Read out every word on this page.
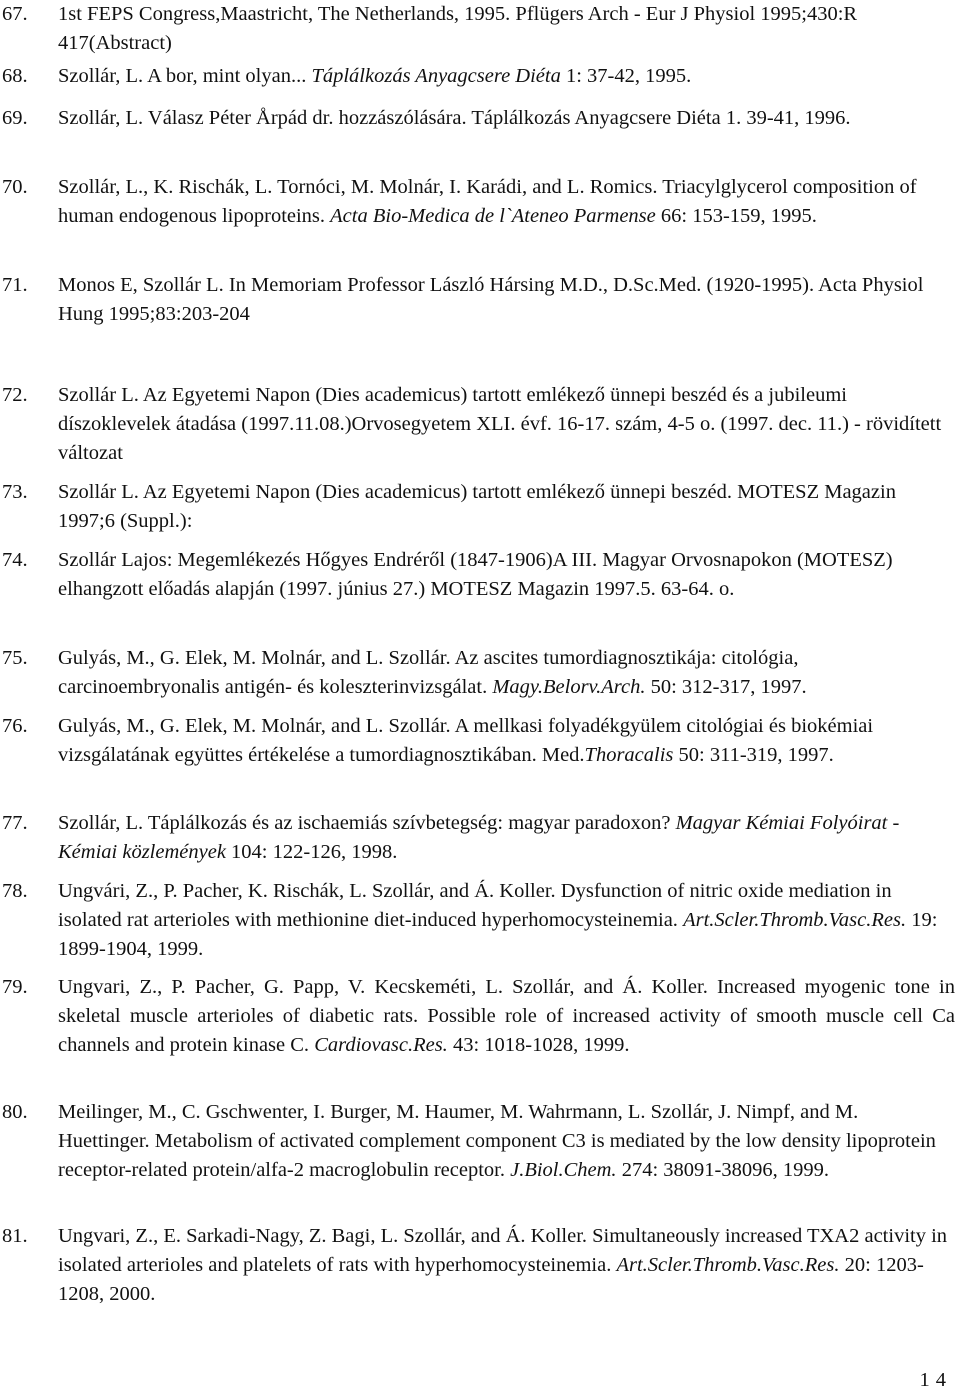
67. 1st FEPS Congress,Maastricht, The Netherlands, 1995. Pflügers Arch - Eur J Physiol 1995;430:R 417(Abstract)
68. Szollár, L. A bor, mint olyan... Táplálkozás Anyagcsere Diéta 1: 37-42, 1995.
69. Szollár, L. Válasz Péter Årpád dr. hozzászólására. Táplálkozás Anyagcsere Diéta 1. 39-41, 1996.
70. Szollár, L., K. Rischák, L. Tornóci, M. Molnár, I. Karádi, and L. Romics. Triacylglycerol composition of human endogenous lipoproteins. Acta Bio-Medica de l`Ateneo Parmense 66: 153-159, 1995.
71. Monos E, Szollár L. In Memoriam Professor László Hársing M.D., D.Sc.Med. (1920-1995). Acta Physiol Hung 1995;83:203-204
72. Szollár L. Az Egyetemi Napon (Dies academicus) tartott emlékező ünnepi beszéd és a jubileumi díszoklevelek átadása (1997.11.08.)Orvosegyetem XLI. évf. 16-17. szám, 4-5 o. (1997. dec. 11.) - rövidített változat
73. Szollár L. Az Egyetemi Napon (Dies academicus) tartott emlékező ünnepi beszéd. MOTESZ Magazin 1997;6 (Suppl.):
74. Szollár Lajos: Megemlékezés Hőgyes Endréről (1847-1906)A III. Magyar Orvosnapokon (MOTESZ) elhangzott előadás alapján (1997. június 27.) MOTESZ Magazin 1997.5. 63-64. o.
75. Gulyás, M., G. Elek, M. Molnár, and L. Szollár. Az ascites tumordiagnosztikája: citológia, carcinoembryonalis antigén- és koleszterinvizsgálat. Magy.Belorv.Arch. 50: 312-317, 1997.
76. Gulyás, M., G. Elek, M. Molnár, and L. Szollár. A mellkasi folyadékgyülem citológiai és biokémiai vizsgálatának együttes értékelése a tumordiagnosztikában. Med.Thoracalis 50: 311-319, 1997.
77. Szollár, L. Táplálkozás és az ischaemiás szívbetegség: magyar paradoxon? Magyar Kémiai Folyóirat - Kémiai közlemények 104: 122-126, 1998.
78. Ungvári, Z., P. Pacher, K. Rischák, L. Szollár, and Á. Koller. Dysfunction of nitric oxide mediation in isolated rat arterioles with methionine diet-induced hyperhomocysteinemia. Art.Scler.Thromb.Vasc.Res. 19: 1899-1904, 1999.
79. Ungvari, Z., P. Pacher, G. Papp, V. Kecskeméti, L. Szollár, and Á. Koller. Increased myogenic tone in skeletal muscle arterioles of diabetic rats. Possible role of increased activity of smooth muscle cell Ca channels and protein kinase C. Cardiovasc.Res. 43: 1018-1028, 1999.
80. Meilinger, M., C. Gschwenter, I. Burger, M. Haumer, M. Wahrmann, L. Szollár, J. Nimpf, and M. Huettinger. Metabolism of activated complement component C3 is mediated by the low density lipoprotein receptor-related protein/alfa-2 macroglobulin receptor. J.Biol.Chem. 274: 38091-38096, 1999.
81. Ungvari, Z., E. Sarkadi-Nagy, Z. Bagi, L. Szollár, and Á. Koller. Simultaneously increased TXA2 activity in isolated arterioles and platelets of rats with hyperhomocysteinemia. Art.Scler.Thromb.Vasc.Res. 20: 1203-1208, 2000.
14
